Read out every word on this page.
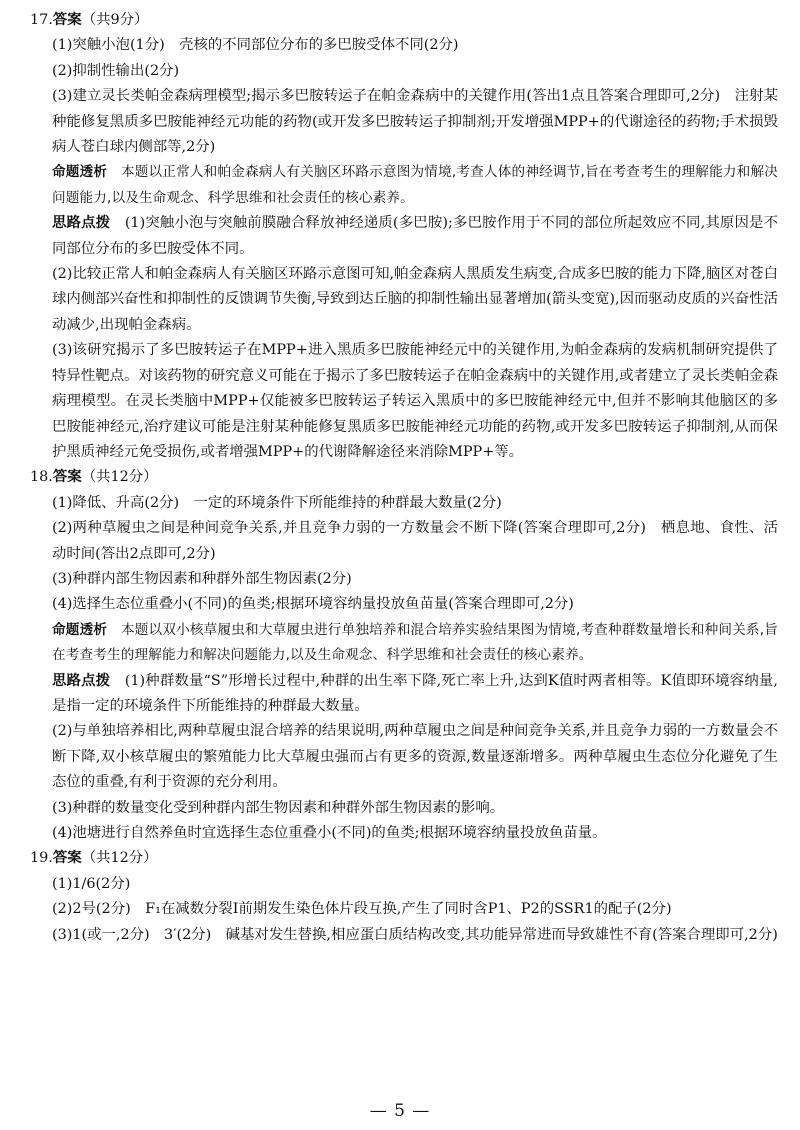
17.答案（共9分）

(1)突触小泡(1分)　壳核的不同部位分布的多巴胺受体不同(2分)

(2)抑制性输出(2分)

(3)建立灵长类帕金森病理模型;揭示多巴胺转运子在帕金森病中的关键作用(答出1点且答案合理即可,2分)　注射某种能修复黑质多巴胺能神经元功能的药物(或开发多巴胺转运子抑制剂;开发增强MPP+的代谢途径的药物;手术损毁病人苍白球内侧部等,2分)

命题透析　 本题以正常人和帕金森病人有关脑区环路示意图为情境,考查人体的神经调节,旨在考查考生的理解能力和解决问题能力,以及生命观念、科学思维和社会责任的核心素养。

思路点拨　 (1)突触小泡与突触前膜融合释放神经递质(多巴胺);多巴胺作用于不同的部位所起效应不同,其原因是不同部位分布的多巴胺受体不同。

(2)比较正常人和帕金森病人有关脑区环路示意图可知,帕金森病人黑质发生病变,合成多巴胺的能力下降,脑区对苍白球内侧部兴奋性和抑制性的反馈调节失衡,导致到达丘脑的抑制性输出显著增加(箭头变宽),因而驱动皮质的兴奋性活动减少,出现帕金森病。

(3)该研究揭示了多巴胺转运子在MPP+进入黑质多巴胺能神经元中的关键作用,为帕金森病的发病机制研究提供了特异性靶点。对该药物的研究意义可能在于揭示了多巴胺转运子在帕金森病中的关键作用,或者建立了灵长类帕金森病理模型。在灵长类脑中MPP+仅能被多巴胺转运子转运入黑质中的多巴胺能神经元中,但并不影响其他脑区的多巴胺能神经元,治疗建议可能是注射某种能修复黑质多巴胺能神经元功能的药物,或开发多巴胺转运子抑制剂,从而保护黑质神经元免受损伤,或者增强MPP+的代谢降解途径来消除MPP+等。

18.答案（共12分）

(1)降低、升高(2分)　一定的环境条件下所能维持的种群最大数量(2分)

(2)两种草履虫之间是种间竞争关系,并且竞争力弱的一方数量会不断下降(答案合理即可,2分)　栖息地、食性、活动时间(答出2点即可,2分)

(3)种群内部生物因素和种群外部生物因素(2分)

(4)选择生态位重叠小(不同)的鱼类;根据环境容纳量投放鱼苗量(答案合理即可,2分)

命题透析　 本题以双小核草履虫和大草履虫进行单独培养和混合培养实验结果图为情境,考查种群数量增长和种间关系,旨在考查考生的理解能力和解决问题能力,以及生命观念、科学思维和社会责任的核心素养。

思路点拨　 (1)种群数量“S”形增长过程中,种群的出生率下降,死亡率上升,达到K值时两者相等。K值即环境容纳量,是指一定的环境条件下所能维持的种群最大数量。

(2)与单独培养相比,两种草履虫混合培养的结果说明,两种草履虫之间是种间竞争关系,并且竞争力弱的一方数量会不断下降,双小核草履虫的繁殖能力比大草履虫强而占有更多的资源,数量逐渐增多。两种草履虫生态位分化避免了生态位的重叠,有利于资源的充分利用。

(3)种群的数量变化受到种群内部生物因素和种群外部生物因素的影响。

(4)池塘进行自然养鱼时宜选择生态位重叠小(不同)的鱼类;根据环境容纳量投放鱼苗量。

19.答案（共12分）

(1)1/6(2分)

(2)2号(2分)　F₁在减数分裂Ⅰ前期发生染色体片段互换,产生了同时含P1、P2的SSR1的配子(2分)

(3)1(或一,2分)　3′(2分)　碱基对发生替换,相应蛋白质结构改变,其功能异常进而导致雄性不育(答案合理即可,2分)

— 5 —
